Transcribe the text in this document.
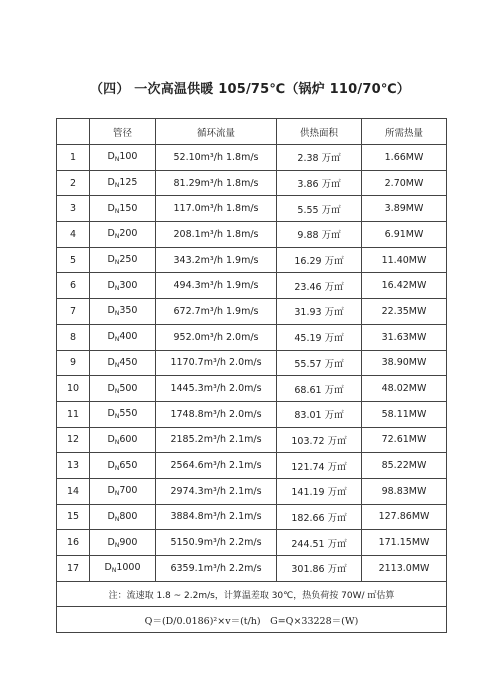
（四） 一次高温供暖 105/75℃（锅炉 110/70℃）
	管径	循环流量	供热面积	所需热量
1	$D_N100$	52.10m³/h 1.8m/s	2.38 万㎡	1.66MW
2	$D_N125$	81.29m³/h 1.8m/s	3.86 万㎡	2.70MW
3	$D_N150$	117.0m³/h 1.8m/s	5.55 万㎡	3.89MW
4	$D_N200$	208.1m³/h 1.8m/s	9.88 万㎡	6.91MW
5	$D_N250$	343.2m³/h 1.9m/s	16.29 万㎡	11.40MW
6	$D_N300$	494.3m³/h 1.9m/s	23.46 万㎡	16.42MW
7	$D_N350$	672.7m³/h 1.9m/s	31.93 万㎡	22.35MW
8	$D_N400$	952.0m³/h 2.0m/s	45.19 万㎡	31.63MW
9	$D_N450$	1170.7m³/h 2.0m/s	55.57 万㎡	38.90MW
10	$D_N500$	1445.3m³/h 2.0m/s	68.61 万㎡	48.02MW
11	$D_N550$	1748.8m³/h 2.0m/s	83.01 万㎡	58.11MW
12	$D_N600$	2185.2m³/h 2.1m/s	103.72 万㎡	72.61MW
13	$D_N650$	2564.6m³/h 2.1m/s	121.74 万㎡	85.22MW
14	$D_N700$	2974.3m³/h 2.1m/s	141.19 万㎡	98.83MW
15	$D_N800$	3884.8m³/h 2.1m/s	182.66 万㎡	127.86MW
16	$D_N900$	5150.9m³/h 2.2m/s	244.51 万㎡	171.15MW
17	$D_N1000$	6359.1m³/h 2.2m/s	301.86 万㎡	2113.0MW
注：流速取 1.8 ~ 2.2m/s，计算温差取 30℃，热负荷按 70W/ ㎡估算				
Q＝(D/0.0186)²×v＝(t/h)　G=Q×33228＝(W)				
